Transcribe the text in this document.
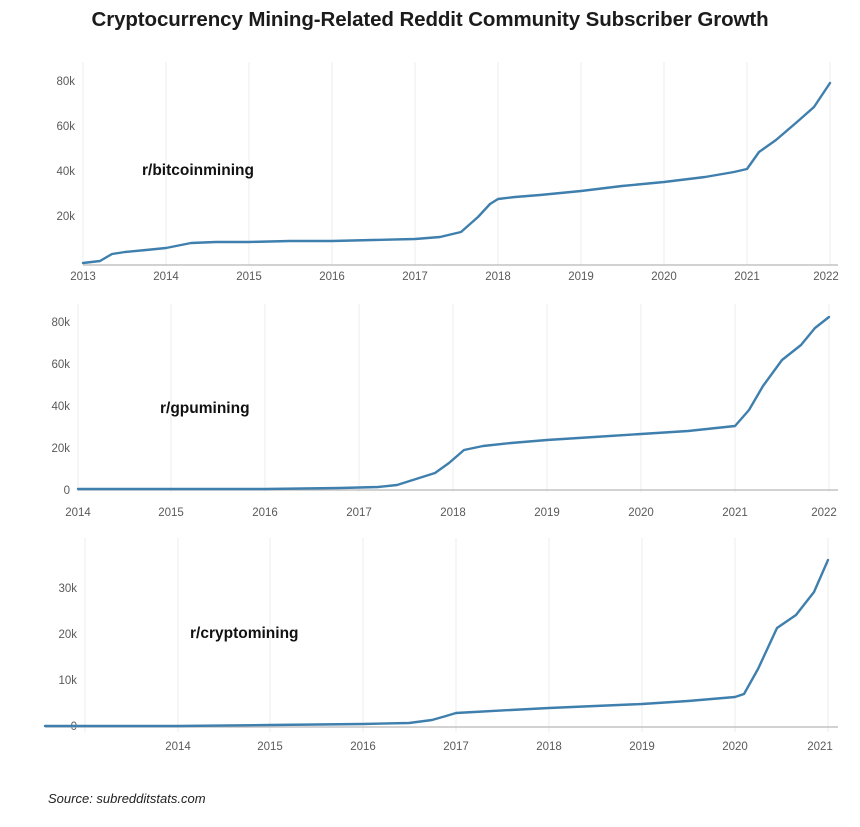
Cryptocurrency Mining-Related Reddit Community Subscriber Growth
80k
60k
40k
20k
r/bitcoinmining
2013	2014	2015	2016	2017	2018	2019	2020	2021	2022
80k
60k
40k
20k
0
r/gpumining
2014	2015	2016	2017	2018	2019	2020	2021	2022
30k
20k
10k
0
r/cryptomining
2014	2015	2016	2017	2018	2019	2020	2021
Source: subredditstats.com
